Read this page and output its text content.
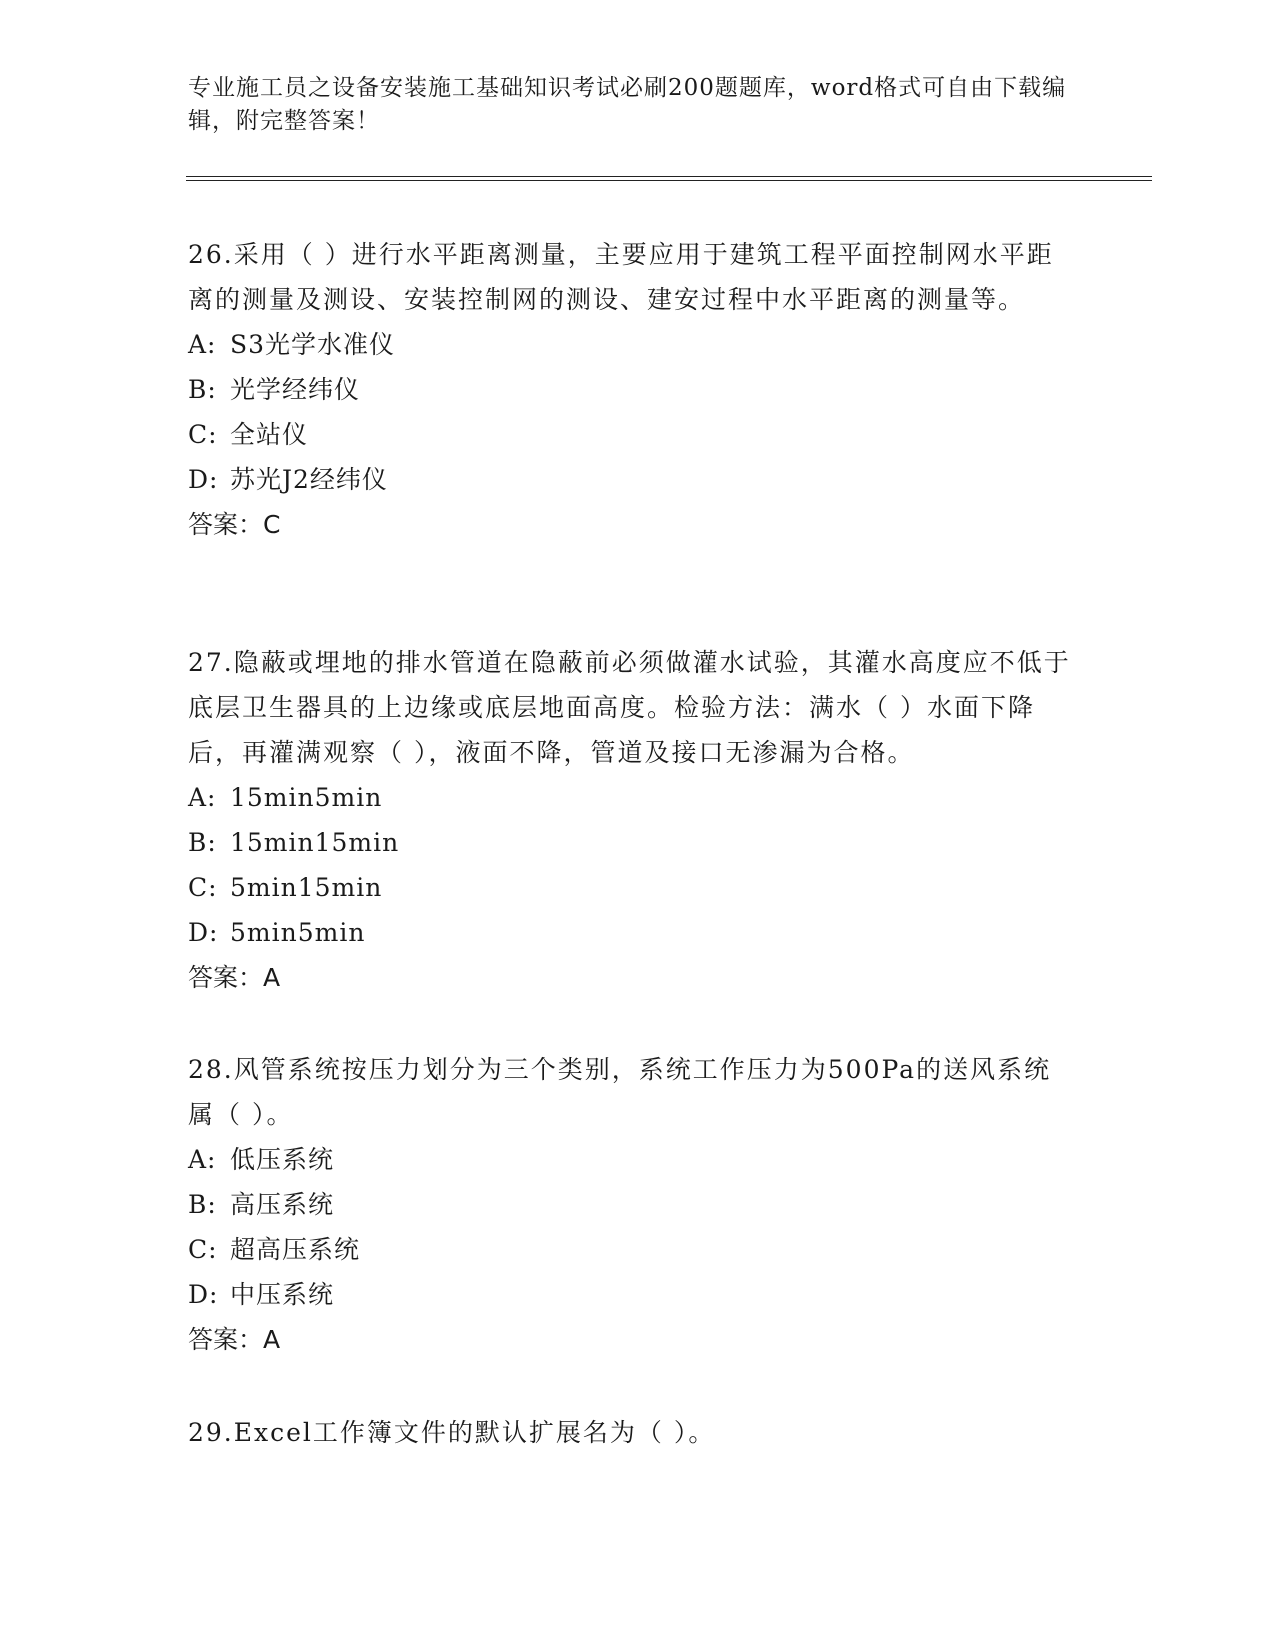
专业施工员之设备安装施工基础知识考试必刷200题题库，word格式可自由下载编辑，附完整答案！

26.采用（ ）进行水平距离测量，主要应用于建筑工程平面控制网水平距离的测量及测设、安装控制网的测设、建安过程中水平距离的测量等。

A: S3光学水准仪
B: 光学经纬仪
C: 全站仪
D: 苏光J2经纬仪

答案：C

27.隐蔽或埋地的排水管道在隐蔽前必须做灌水试验，其灌水高度应不低于底层卫生器具的上边缘或底层地面高度。检验方法：满水（ ）水面下降后，再灌满观察（ ），液面不降，管道及接口无渗漏为合格。

A: 15min5min
B: 15min15min
C: 5min15min
D: 5min5min

答案：A

28.风管系统按压力划分为三个类别，系统工作压力为500Pa的送风系统属（ ）。

A: 低压系统
B: 高压系统
C: 超高压系统
D: 中压系统

答案：A

29.Excel工作簿文件的默认扩展名为（ ）。
